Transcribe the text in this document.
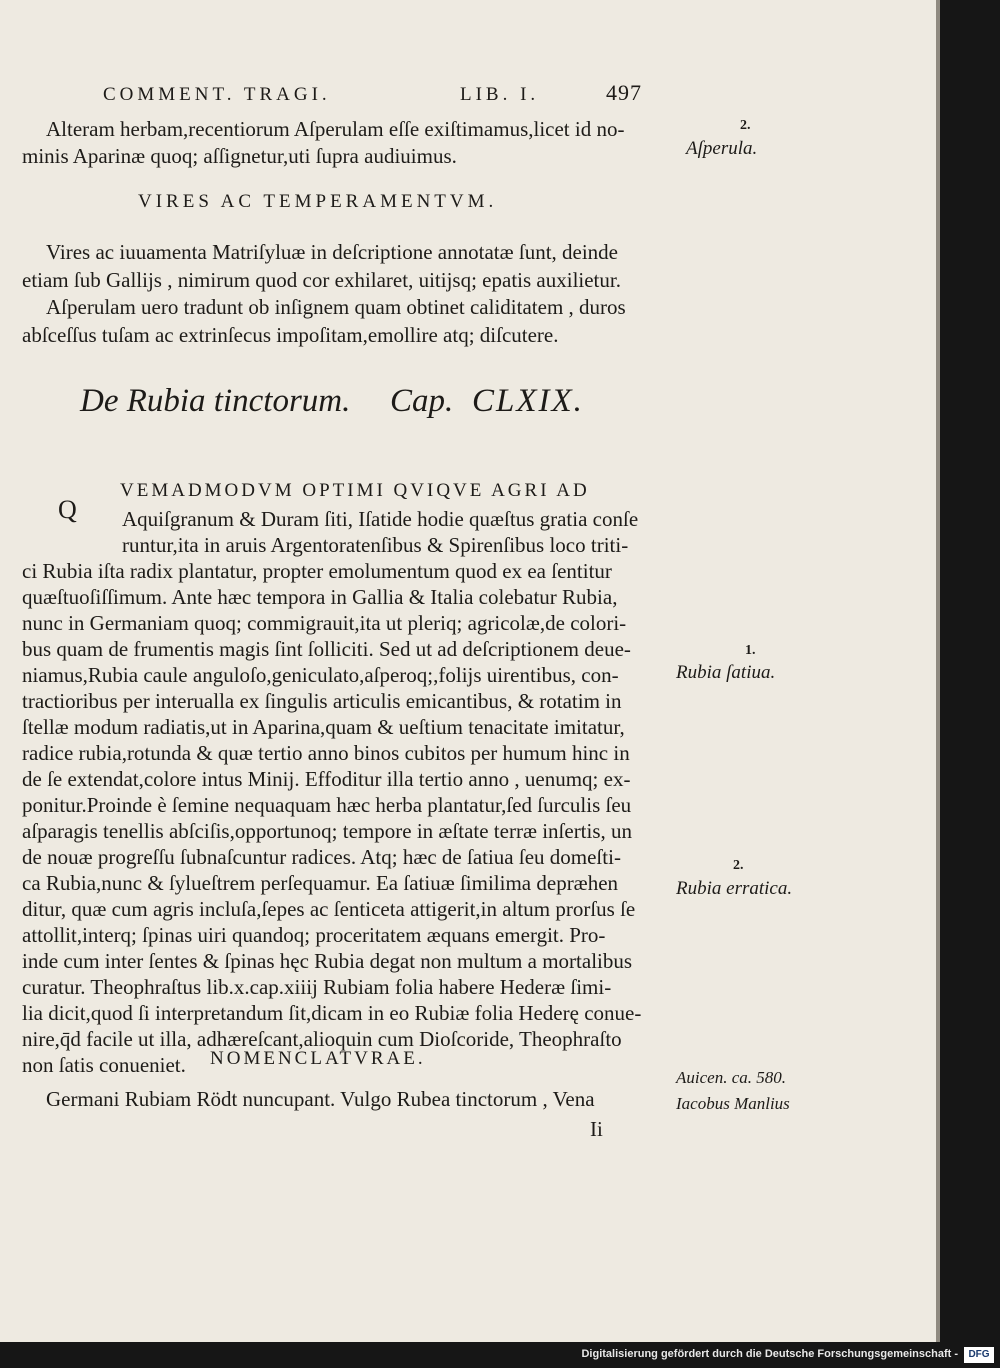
COMMENT. TRAGI.	LIB. I.	497

Alteram herbam,recentiorum Aſperulam eſſe exiſtimamus,licet id no-

minis Aparinæ quoq; aſſignetur,uti ſupra audiuimus.

VIRES AC TEMPERAMENTVM.

Vires ac iuuamenta Matriſyluæ in deſcriptione annotatæ ſunt, deinde

etiam ſub Gallijs , nimirum quod cor exhilaret, uitijsq; epatis auxilietur.

Aſperulam uero tradunt ob inſignem quam obtinet caliditatem , duros

abſceſſus tuſam ac extrinſecus impoſitam,emollire atq; diſcutere.

De Rubia tinctorum. Cap. CLXIX.
VEMADMODVM OPTIMI QVIQVE AGRI AD
Q Aquiſgranum & Duram ſiti, Iſatide hodie quæſtus gratia conſe

runtur,ita in aruis Argentoratenſibus & Spirenſibus loco triti-

ci Rubia iſta radix plantatur, propter emolumentum quod ex ea ſentitur

quæſtuoſiſſimum. Ante hæc tempora in Gallia & Italia colebatur Rubia,

nunc in Germaniam quoq; commigrauit,ita ut pleriq; agricolæ,de colori-

bus quam de frumentis magis ſint ſolliciti. Sed ut ad deſcriptionem deue-

niamus,Rubia caule anguloſo,geniculato,aſperoq;,folijs uirentibus, con-

tractioribus per interualla ex ſingulis articulis emicantibus, & rotatim in

ſtellæ modum radiatis,ut in Aparina,quam & ueſtium tenacitate imitatur,

radice rubia,rotunda & quæ tertio anno binos cubitos per humum hinc in

de ſe extendat,colore intus Minij. Effoditur illa tertio anno , uenumq; ex-

ponitur.Proinde è ſemine nequaquam hæc herba plantatur,ſed ſurculis ſeu

aſparagis tenellis abſciſis,opportunoq; tempore in æſtate terræ inſertis, un

de nouæ progreſſu ſubnaſcuntur radices. Atq; hæc de ſatiua ſeu domeſti-

ca Rubia,nunc & ſylueſtrem perſequamur. Ea ſatiuæ ſimilima depræhen

ditur, quæ cum agris incluſa,ſepes ac ſenticeta attigerit,in altum prorſus ſe

attollit,interq; ſpinas uiri quandoq; proceritatem æquans emergit. Pro-

inde cum inter ſentes & ſpinas hęc Rubia degat non multum a mortalibus

curatur. Theophraſtus lib.x.cap.xiiij Rubiam folia habere Hederæ ſimi-

lia dicit,quod ſi interpretandum ſit,dicam in eo Rubiæ folia Hederę conue-

nire,q̄d facile ut illa, adhæreſcant,alioquin cum Dioſcoride, Theophraſto

non ſatis conueniet. NOMENCLATVRAE.

Germani Rubiam Rödt nuncupant. Vulgo Rubea tinctorum , Vena

Ii
2.
Aſperula.
1.
Rubia ſatiua.
2.
Rubia erratica.
Auicen. ca. 580.
Iacobus Manlius
Digitalisierung gefördert durch die Deutsche Forschungsgemeinschaft -	DFG
